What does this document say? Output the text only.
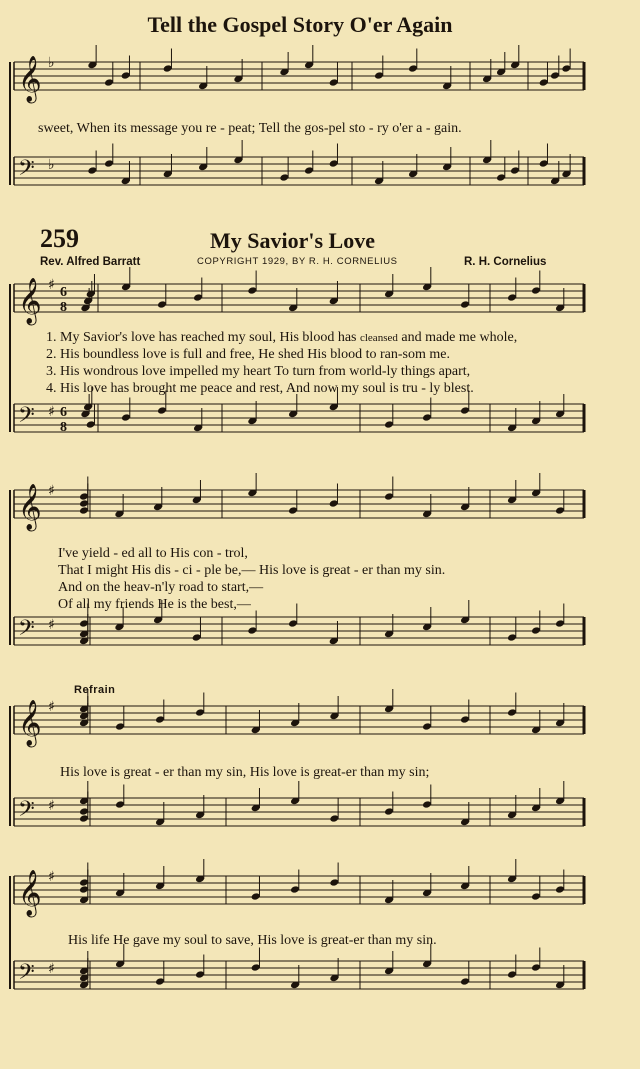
𝄞 ♭
𝄢 ♭
𝄞 ♯ 6
8
𝄢 ♯ 6
8
𝄞 ♯
𝄢 ♯
𝄞 ♯
𝄢 ♯
𝄞 ♯
𝄢 ♯
Tell the Gospel Story O'er Again
sweet, When its message you re - peat; Tell the gos-pel sto - ry o'er a - gain.
259	My Savior's Love
Rev. Alfred Barratt	COPYRIGHT 1929, BY R. H. CORNELIUS	R. H. Cornelius
1. My Savior's love has reached my soul, His blood has cleansed and made me whole,
2. His boundless love is full and free, He shed His blood to ran-som me.
3. His wondrous love impelled my heart To turn from world-ly things apart,
4. His love has brought me peace and rest, And now my soul is tru - ly blest.
I've yield - ed all to His con - trol,
That I might His dis - ci - ple be,— His love is great - er than my sin.
And on the heav-n'ly road to start,—
Of all my friends He is the best,—
Refrain
His love is great - er than my sin, His love is great-er than my sin;
His life He gave my soul to save, His love is great-er than my sin.
